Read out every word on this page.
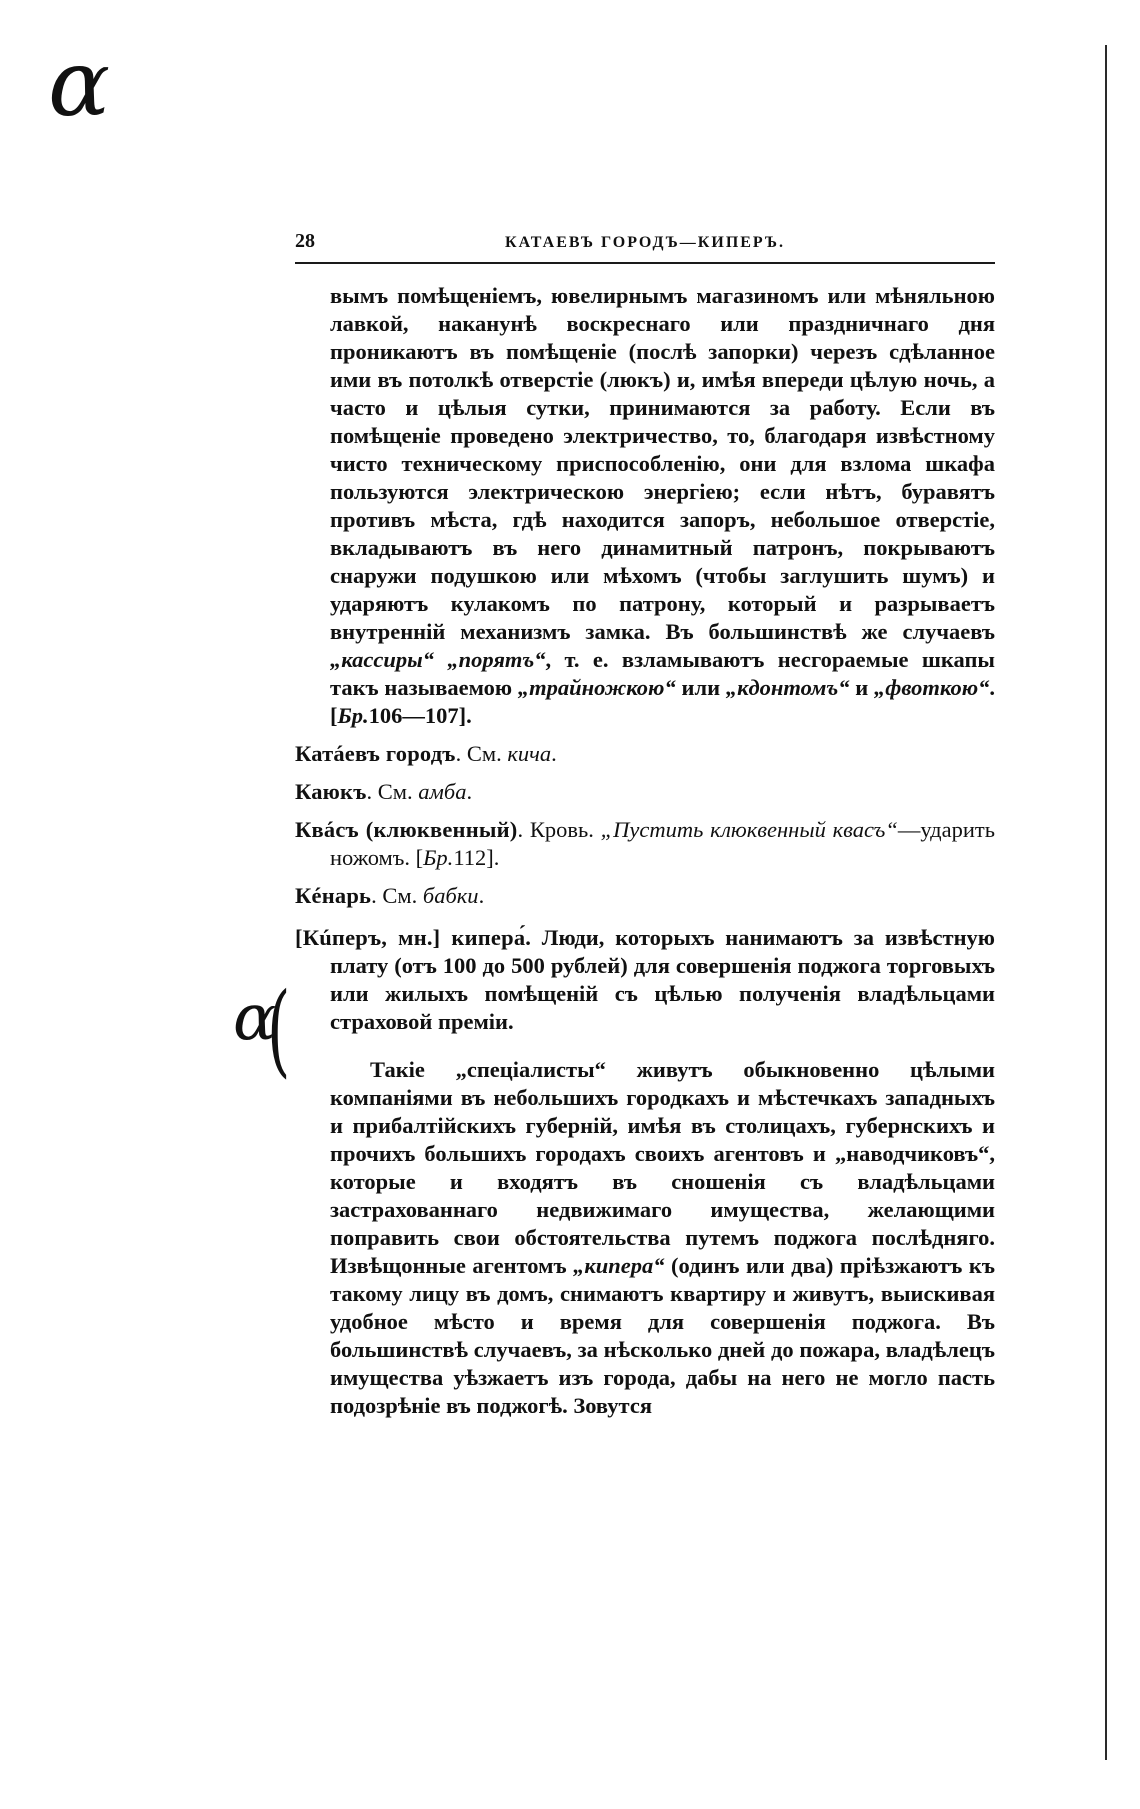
α
α
(
28	КАТАЕВЪ ГОРОДЪ—КИПЕРЪ.

вымъ помѣщеніемъ, ювелирнымъ магазиномъ или мѣняльною лавкой, наканунѣ воскреснаго или праздничнаго дня проникаютъ въ помѣщеніе (послѣ запорки) черезъ сдѣланное ими въ потолкѣ отверстіе (люкъ) и, имѣя впереди цѣлую ночь, а часто и цѣлыя сутки, принимаются за работу. Если въ помѣщеніе проведено электричество, то, благодаря извѣстному чисто техническому приспособленію, они для взлома шкафа пользуются электрическою энергіею; если нѣтъ, буравятъ противъ мѣста, гдѣ находится запоръ, небольшое отверстіе, вкладываютъ въ него динамитный патронъ, покрываютъ снаружи подушкою или мѣхомъ (чтобы заглушить шумъ) и ударяютъ кулакомъ по патрону, который и разрываетъ внутренній механизмъ замка. Въ большинствѣ же случаевъ „кассиры“ „порятъ“, т. е. взламываютъ несгораемые шкапы такъ называемою „трайножкою“ или „кдонтомъ“ и „фвоткою“. [Бр.106—107].

Катáевъ городъ. См. кича.

Каюкъ. См. амба.

Квáсъ (клюквенный). Кровь. „Пустить клюквенный квасъ“—ударить ножомъ. [Бр.112].

Кéнарь. См. бабки.

[Кúперъ, мн.] кипера́. Люди, которыхъ нанимаютъ за извѣстную плату (отъ 100 до 500 рублей) для совершенія поджога торговыхъ или жилыхъ помѣщеній съ цѣлью полученія владѣльцами страховой преміи.

Такіе „спеціалисты“ живутъ обыкновенно цѣлыми компаніями въ небольшихъ городкахъ и мѣстечкахъ западныхъ и прибалтійскихъ губерній, имѣя въ столицахъ, губернскихъ и прочихъ большихъ городахъ своихъ агентовъ и „наводчиковъ“, которые и входятъ въ сношенія съ владѣльцами застрахованнаго недвижимаго имущества, желающими поправить свои обстоятельства путемъ поджога послѣдняго. Извѣщонные агентомъ „кипера“ (одинъ или два) пріѣзжаютъ къ такому лицу въ домъ, снимаютъ квартиру и живутъ, выискивая удобное мѣсто и время для совершенія поджога. Въ большинствѣ случаевъ, за нѣсколько дней до пожара, владѣлецъ имущества уѣзжаетъ изъ города, дабы на него не могло пасть подозрѣніе въ поджогѣ. Зовутся
